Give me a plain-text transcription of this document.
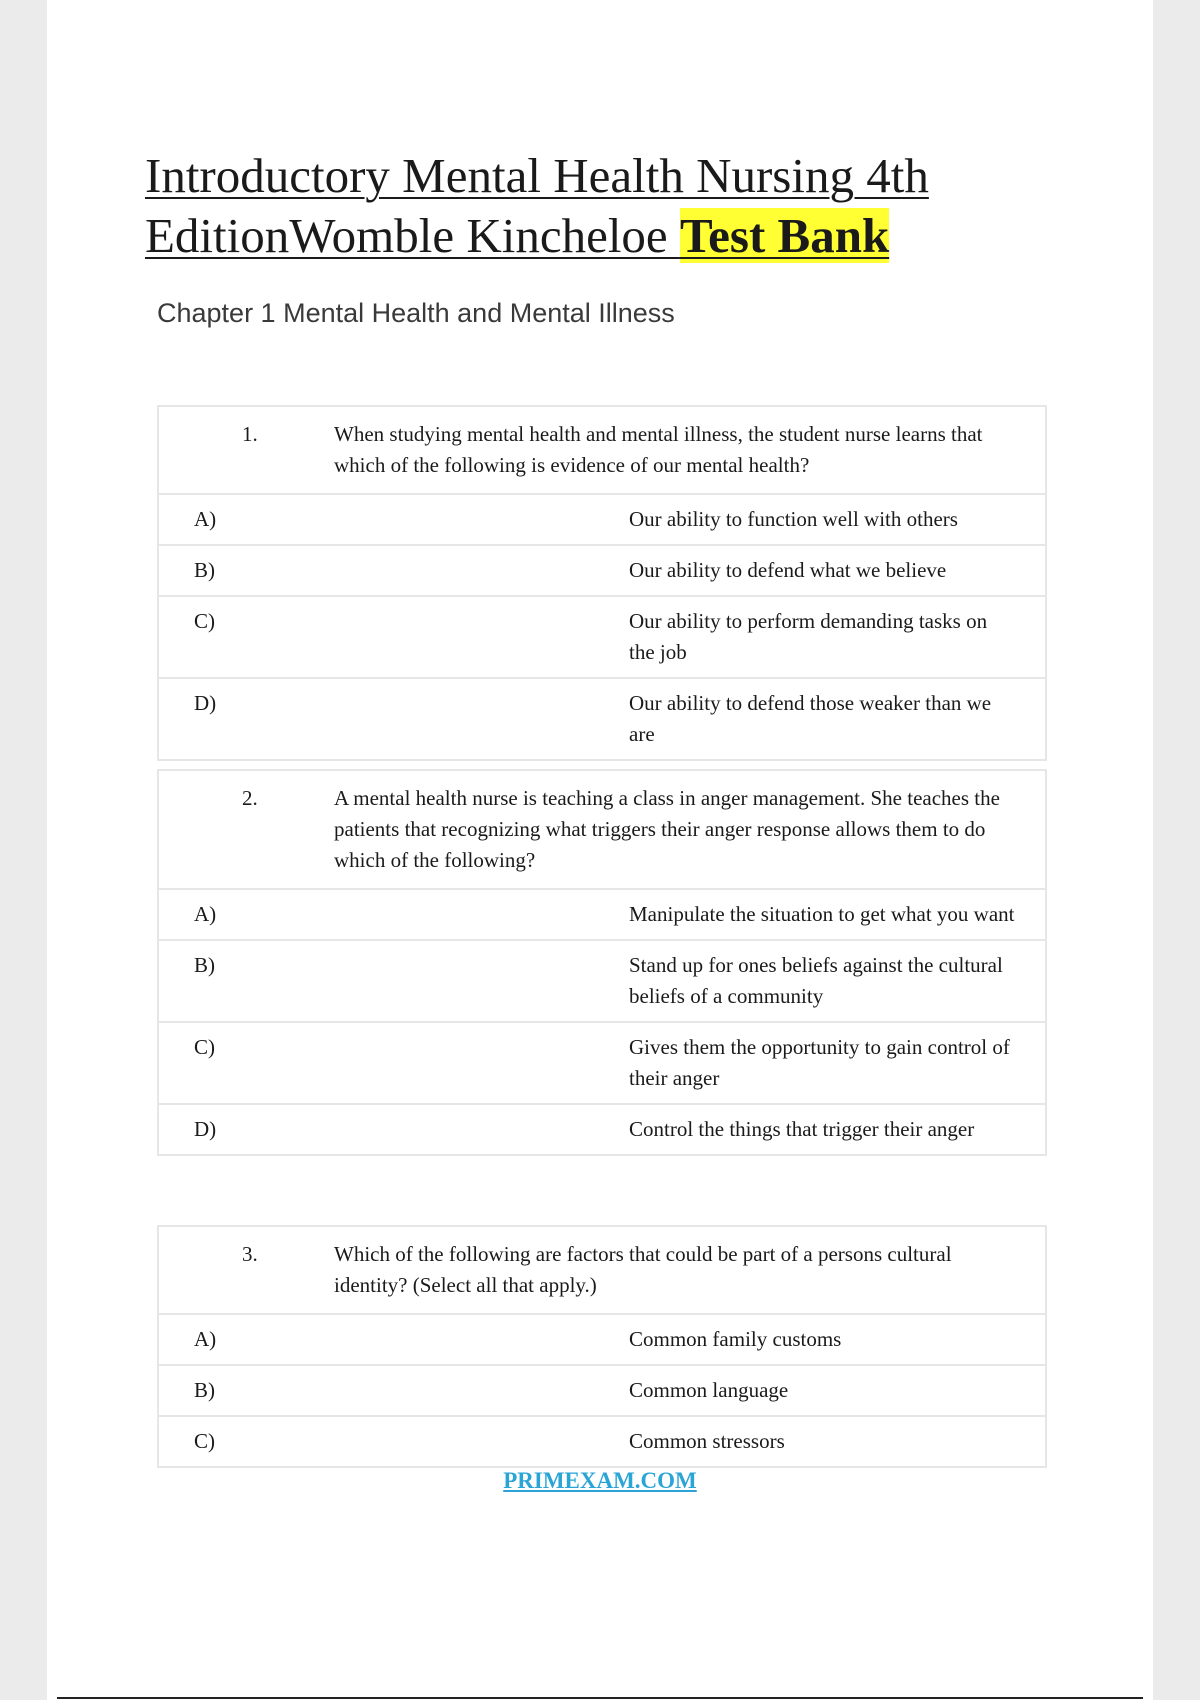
Introductory Mental Health Nursing 4th EditionWomble Kincheloe Test Bank
Chapter 1 Mental Health and Mental Illness
1.	When studying mental health and mental illness, the student nurse learns that which of the following is evidence of our mental health?	
A)		Our ability to function well with others
B)		Our ability to defend what we believe
C)		Our ability to perform demanding tasks on the job
D)		Our ability to defend those weaker than we are
2.	A mental health nurse is teaching a class in anger management. She teaches the patients that recognizing what triggers their anger response allows them to do which of the following?	
A)		Manipulate the situation to get what you want
B)		Stand up for ones beliefs against the cultural beliefs of a community
C)		Gives them the opportunity to gain control of their anger
D)		Control the things that trigger their anger
3.	Which of the following are factors that could be part of a persons cultural identity? (Select all that apply.)	
A)		Common family customs
B)		Common language
C)		Common stressors
PRIMEXAM.COM
